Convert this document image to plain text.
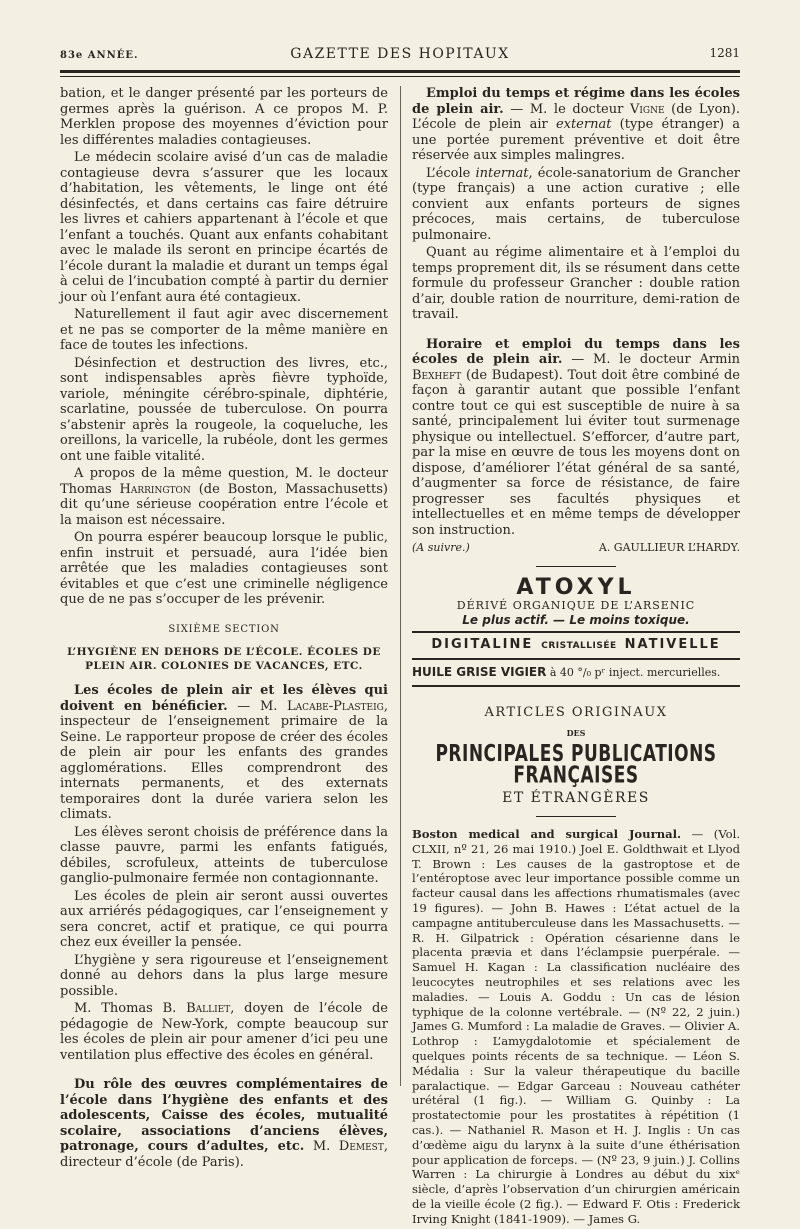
83e ANNÉE.	GAZETTE DES HOPITAUX	1281

bation, et le danger présenté par les porteurs de germes après la guérison. A ce propos M. P. Merklen propose des moyennes d’éviction pour les différentes maladies contagieuses.

Le médecin scolaire avisé d’un cas de maladie contagieuse devra s’assurer que les locaux d’habitation, les vêtements, le linge ont été désinfectés, et dans certains cas faire détruire les livres et cahiers appartenant à l’école et que l’enfant a touchés. Quant aux enfants cohabitant avec le malade ils seront en principe écartés de l’école durant la maladie et durant un temps égal à celui de l’incubation compté à partir du dernier jour où l’enfant aura été contagieux.

Naturellement il faut agir avec discernement et ne pas se comporter de la même manière en face de toutes les infections.

Désinfection et destruction des livres, etc., sont indispensables après fièvre typhoïde, variole, méningite cérébro-spinale, diphtérie, scarlatine, poussée de tuberculose. On pourra s’abstenir après la rougeole, la coqueluche, les oreillons, la varicelle, la rubéole, dont les germes ont une faible vitalité.

A propos de la même question, M. le docteur Thomas Harrington (de Boston, Massachusetts) dit qu’une sérieuse coopération entre l’école et la maison est nécessaire.

On pourra espérer beaucoup lorsque le public, enfin instruit et persuadé, aura l’idée bien arrêtée que les maladies contagieuses sont évitables et que c’est une criminelle négligence que de ne pas s’occuper de les prévenir.

SIXIÈME SECTION
L’HYGIÈNE EN DEHORS DE L’ÉCOLE. ÉCOLES DE PLEIN AIR. COLONIES DE VACANCES, ETC.

Les écoles de plein air et les élèves qui doivent en bénéficier. — M. Lacabe-Plasteig, inspecteur de l’enseignement primaire de la Seine. Le rapporteur propose de créer des écoles de plein air pour les enfants des grandes agglomérations. Elles comprendront des internats permanents, et des externats temporaires dont la durée variera selon les climats.

Les élèves seront choisis de préférence dans la classe pauvre, parmi les enfants fatigués, débiles, scrofuleux, atteints de tuberculose ganglio-pulmonaire fermée non contagionnante.

Les écoles de plein air seront aussi ouvertes aux arriérés pédagogiques, car l’enseignement y sera concret, actif et pratique, ce qui pourra chez eux éveiller la pensée.

L’hygiène y sera rigoureuse et l’enseignement donné au dehors dans la plus large mesure possible.

M. Thomas B. Balliet, doyen de l’école de pédagogie de New-York, compte beaucoup sur les écoles de plein air pour amener d’ici peu une ventilation plus effective des écoles en général.

Du rôle des œuvres complémentaires de l’école dans l’hygiène des enfants et des adolescents, Caisse des écoles, mutualité scolaire, associations d’anciens élèves, patronage, cours d’adultes, etc. M. Demest, directeur d’école (de Paris).

Emploi du temps et régime dans les écoles de plein air. — M. le docteur Vigne (de Lyon). L’école de plein air externat (type étranger) a une portée purement préventive et doit être réservée aux simples malingres.

L’école internat, école-sanatorium de Grancher (type français) a une action curative ; elle convient aux enfants porteurs de signes précoces, mais certains, de tuberculose pulmonaire.

Quant au régime alimentaire et à l’emploi du temps proprement dit, ils se résument dans cette formule du professeur Grancher : double ration d’air, double ration de nourriture, demi-ration de travail.

Horaire et emploi du temps dans les écoles de plein air. — M. le docteur Armin Bexheft (de Budapest). Tout doit être combiné de façon à garantir autant que possible l’enfant contre tout ce qui est susceptible de nuire à sa santé, principalement lui éviter tout surmenage physique ou intellectuel. S’efforcer, d’autre part, par la mise en œuvre de tous les moyens dont on dispose, d’améliorer l’état général de sa santé, d’augmenter sa force de résistance, de faire progresser ses facultés physiques et intellectuelles et en même temps de développer son instruction.

(A suivre.)	A. GAULLIEUR L’HARDY.
ATOXYL
DÉRIVÉ ORGANIQUE DE L’ARSENIC
Le plus actif. — Le moins toxique.
DIGITALINE CRISTALLISÉE NATIVELLE
HUILE GRISE VIGIER à 40 °/₀ pʳ inject. mercurielles.
ARTICLES ORIGINAUX
DES
PRINCIPALES PUBLICATIONS FRANÇAISES
ET ÉTRANGÈRES

Boston medical and surgical Journal. — (Vol. CLXII, nº 21, 26 mai 1910.) Joel E. Goldthwait et Llyod T. Brown : Les causes de la gastroptose et de l’entéroptose avec leur importance possible comme un facteur causal dans les affections rhumatismales (avec 19 figures). — John B. Hawes : L’état actuel de la campagne antituberculeuse dans les Massachusetts. — R. H. Gilpatrick : Opération césarienne dans le placenta prævia et dans l’éclampsie puerpérale. — Samuel H. Kagan : La classification nucléaire des leucocytes neutrophiles et ses relations avec les maladies. — Louis A. Goddu : Un cas de lésion typhique de la colonne vertébrale. — (Nº 22, 2 juin.) James G. Mumford : La maladie de Graves. — Olivier A. Lothrop : L’amygdalotomie et spécialement de quelques points récents de sa technique. — Léon S. Médalia : Sur la valeur thérapeutique du bacille paralactique. — Edgar Garceau : Nouveau cathéter urétéral (1 fig.). — William G. Quinby : La prostatectomie pour les prostatites à répétition (1 cas.). — Nathaniel R. Mason et H. J. Inglis : Un cas d’œdème aigu du larynx à la suite d’une éthérisation pour application de forceps. — (Nº 23, 9 juin.) J. Collins Warren : La chirurgie à Londres au début du xixᵉ siècle, d’après l’observation d’un chirurgien américain de la vieille école (2 fig.). — Edward F. Otis : Frederick Irving Knight (1841-1909). — James G.
